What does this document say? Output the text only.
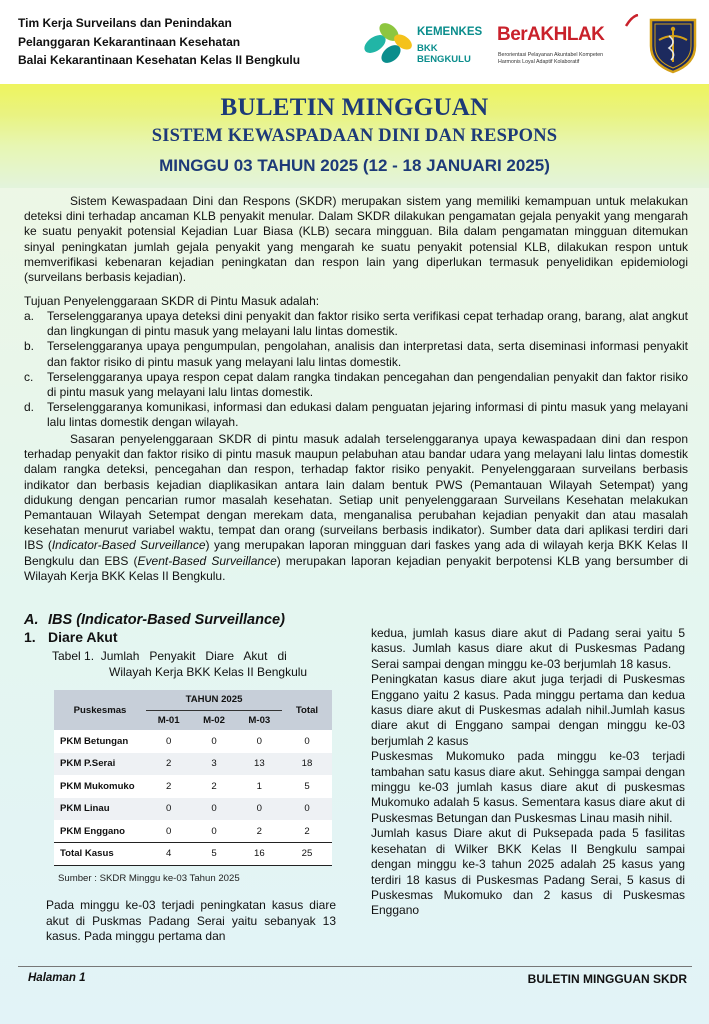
Tim Kerja Surveilans dan Penindakan
Pelanggaran Kekarantinaan Kesehatan
Balai Kekarantinaan Kesehatan Kelas II Bengkulu
KEMENKES
BKK BENGKULU
BerAKHLAK
Berorientasi Pelayanan Akuntabel Kompeten
Harmonis Loyal Adaptif Kolaboratif
BULETIN MINGGUAN
SISTEM KEWASPADAAN DINI DAN RESPONS
MINGGU 03 TAHUN 2025 (12 - 18 JANUARI 2025)
Sistem Kewaspadaan Dini dan Respons (SKDR) merupakan sistem yang memiliki kemampuan untuk melakukan deteksi dini terhadap ancaman KLB penyakit menular. Dalam SKDR dilakukan pengamatan gejala penyakit yang mengarah ke suatu penyakit potensial Kejadian Luar Biasa (KLB) secara mingguan. Bila dalam pengamatan mingguan ditemukan sinyal peningkatan jumlah gejala penyakit yang mengarah ke suatu penyakit potensial KLB, dilakukan respon untuk memverifikasi kebenaran kejadian peningkatan dan respon lain yang diperlukan termasuk penyelidikan epidemiologi (surveilans berbasis kejadian).
Tujuan Penyelenggaraan SKDR di Pintu Masuk adalah:
a. Terselenggaranya upaya deteksi dini penyakit dan faktor risiko serta verifikasi cepat terhadap orang, barang, alat angkut dan lingkungan di pintu masuk yang melayani lalu lintas domestik.
b. Terselenggaranya upaya pengumpulan, pengolahan, analisis dan interpretasi data, serta diseminasi informasi penyakit dan faktor risiko di pintu masuk yang melayani lalu lintas domestik.
c. Terselenggaranya upaya respon cepat dalam rangka tindakan pencegahan dan pengendalian penyakit dan faktor risiko di pintu masuk yang melayani lalu lintas domestik.
d. Terselenggaranya komunikasi, informasi dan edukasi dalam penguatan jejaring informasi di pintu masuk yang melayani lalu lintas domestik dengan wilayah.
Sasaran penyelenggaraan SKDR di pintu masuk adalah terselenggaranya upaya kewaspadaan dini dan respon terhadap penyakit dan faktor risiko di pintu masuk maupun pelabuhan atau bandar udara yang melayani lalu lintas domestik dalam rangka deteksi, pencegahan dan respon, terhadap faktor risiko penyakit. Penyelenggaraan surveilans berbasis indikator dan berbasis kejadian diaplikasikan antara lain dalam bentuk PWS (Pemantauan Wilayah Setempat) yang didukung dengan pencarian rumor masalah kesehatan. Setiap unit penyelenggaraan Surveilans Kesehatan melakukan Pemantauan Wilayah Setempat dengan merekam data, menganalisa perubahan kejadian penyakit dan atau masalah kesehatan menurut variabel waktu, tempat dan orang (surveilans berbasis indikator). Sumber data dari aplikasi terdiri dari IBS (Indicator-Based Surveillance) yang merupakan laporan mingguan dari faskes yang ada di wilayah kerja BKK Kelas II Bengkulu dan EBS (Event-Based Surveillance) merupakan laporan kejadian penyakit berpotensi KLB yang bersumber di Wilayah Kerja BKK Kelas II Bengkulu.
A. IBS (Indicator-Based Surveillance)
1. Diare Akut
Tabel 1.  Jumlah   Penyakit   Diare   Akut   di
Wilayah Kerja BKK Kelas II Bengkulu
Puskesmas	TAHUN 2025			Total
	M-01	M-02	M-03	
PKM Betungan	0	0	0	0
PKM P.Serai	2	3	13	18
PKM Mukomuko	2	2	1	5
PKM Linau	0	0	0	0
PKM Enggano	0	0	2	2
Total Kasus	4	5	16	25
Sumber : SKDR Minggu ke-03 Tahun 2025
Pada minggu ke-03 terjadi peningkatan kasus diare akut di Puskmas Padang Serai yaitu sebanyak 13 kasus. Pada minggu pertama dan
kedua, jumlah kasus diare akut di Padang serai yaitu 5 kasus. Jumlah kasus diare akut di Puskesmas Padang Serai sampai dengan minggu ke-03 berjumlah 18 kasus.
Peningkatan kasus diare akut juga terjadi di Puskesmas Enggano yaitu 2 kasus. Pada minggu pertama dan kedua kasus diare akut di Puskesmas adalah nihil.Jumlah kasus diare akut di Enggano sampai dengan minggu ke-03 berjumlah 2 kasus
Puskesmas Mukomuko pada minggu ke-03 terjadi tambahan satu kasus diare akut. Sehingga sampai dengan minggu ke-03 jumlah kasus diare akut di puskesmas Mukomuko adalah 5 kasus. Sementara kasus diare akut di Puskesmas Betungan dan Puskesmas Linau masih nihil.
Jumlah kasus Diare akut di Puksepada pada 5 fasilitas kesehatan di Wilker BKK Kelas II Bengkulu sampai dengan minggu ke-3 tahun 2025 adalah 25 kasus yang terdiri 18 kasus di Puskesmas Padang Serai, 5 kasus di Puskesmas Mukomuko dan 2 kasus di Puskesmas Enggano
Halaman 1	BULETIN MINGGUAN SKDR
